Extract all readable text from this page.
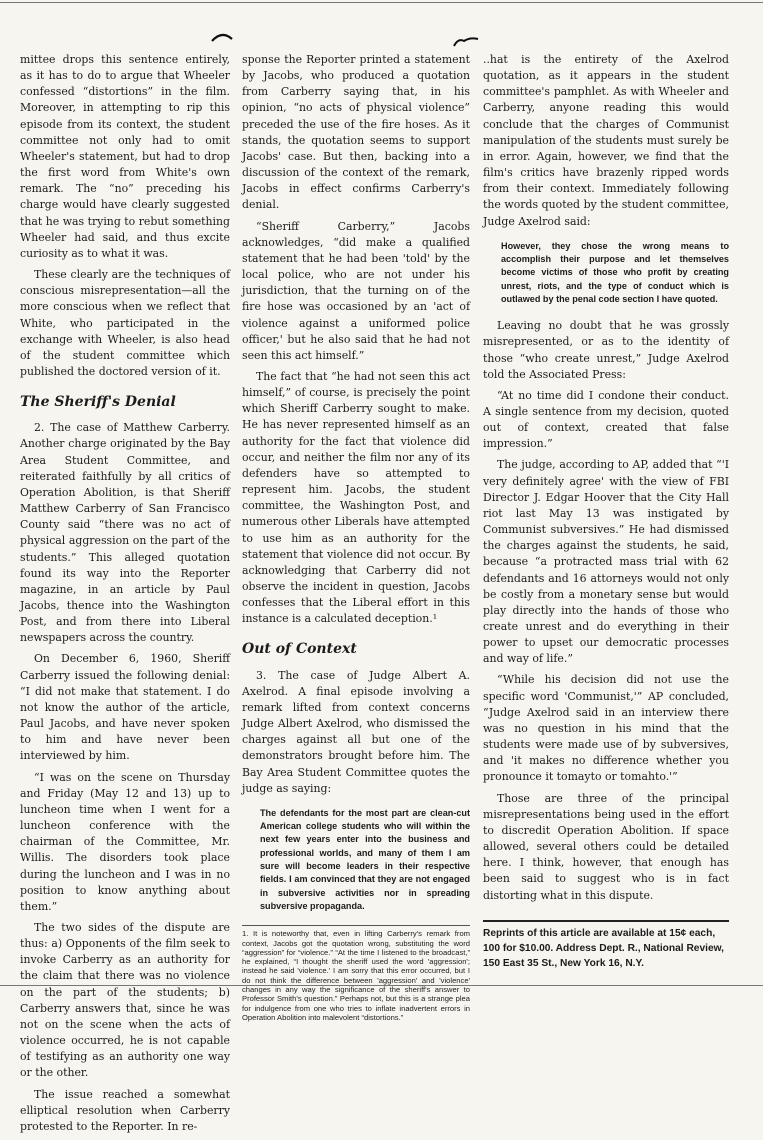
mittee drops this sentence entirely, as it has to do to argue that Wheeler confessed “distortions” in the film. Moreover, in attempting to rip this episode from its context, the student committee not only had to omit Wheeler's statement, but had to drop the first word from White's own remark. The “no” preceding his charge would have clearly suggested that he was trying to rebut something Wheeler had said, and thus excite curiosity as to what it was.

These clearly are the techniques of conscious misrepresentation—all the more conscious when we reflect that White, who participated in the exchange with Wheeler, is also head of the student committee which published the doctored version of it.

The Sheriff's Denial

2. The case of Matthew Carberry. Another charge originated by the Bay Area Student Committee, and reiterated faithfully by all critics of Operation Abolition, is that Sheriff Matthew Carberry of San Francisco County said “there was no act of physical aggression on the part of the students.” This alleged quotation found its way into the Reporter magazine, in an article by Paul Jacobs, thence into the Washington Post, and from there into Liberal newspapers across the country.

On December 6, 1960, Sheriff Carberry issued the following denial: “I did not make that statement. I do not know the author of the article, Paul Jacobs, and have never spoken to him and have never been interviewed by him.

“I was on the scene on Thursday and Friday (May 12 and 13) up to luncheon time when I went for a luncheon conference with the chairman of the Committee, Mr. Willis. The disorders took place during the luncheon and I was in no position to know anything about them.”

The two sides of the dispute are thus: a) Opponents of the film seek to invoke Carberry as an authority for the claim that there was no violence on the part of the students; b) Carberry answers that, since he was not on the scene when the acts of violence occurred, he is not capable of testifying as an authority one way or the other.

The issue reached a somewhat elliptical resolution when Carberry protested to the Reporter. In re-

sponse the Reporter printed a statement by Jacobs, who produced a quotation from Carberry saying that, in his opinion, “no acts of physical violence” preceded the use of the fire hoses. As it stands, the quotation seems to support Jacobs' case. But then, backing into a discussion of the context of the remark, Jacobs in effect confirms Carberry's denial.

“Sheriff Carberry,” Jacobs acknowledges, “did make a qualified statement that he had been 'told' by the local police, who are not under his jurisdiction, that the turning on of the fire hose was occasioned by an 'act of violence against a uniformed police officer,' but he also said that he had not seen this act himself.”

The fact that “he had not seen this act himself,” of course, is precisely the point which Sheriff Carberry sought to make. He has never represented himself as an authority for the fact that violence did occur, and neither the film nor any of its defenders have so attempted to represent him. Jacobs, the student committee, the Washington Post, and numerous other Liberals have attempted to use him as an authority for the statement that violence did not occur. By acknowledging that Carberry did not observe the incident in question, Jacobs confesses that the Liberal effort in this instance is a calculated deception.¹

Out of Context

3. The case of Judge Albert A. Axelrod. A final episode involving a remark lifted from context concerns Judge Albert Axelrod, who dismissed the charges against all but one of the demonstrators brought before him. The Bay Area Student Committee quotes the judge as saying:

The defendants for the most part are clean-cut American college students who will within the next few years enter into the business and professional worlds, and many of them I am sure will become leaders in their respective fields. I am convinced that they are not engaged in subversive activities nor in spreading subversive propaganda.
1. It is noteworthy that, even in lifting Carberry's remark from context, Jacobs got the quotation wrong, substituting the word “aggression” for “violence.” “At the time I listened to the broadcast,” he explained, “I thought the sheriff used the word 'aggression'; instead he said 'violence.' I am sorry that this error occurred, but I do not think the difference between 'aggression' and 'violence' changes in any way the significance of the sheriff's answer to Professor Smith's question.” Perhaps not, but this is a strange plea for indulgence from one who tries to inflate inadvertent errors in Operation Abolition into malevolent “distortions.”

..hat is the entirety of the Axelrod quotation, as it appears in the student committee's pamphlet. As with Wheeler and Carberry, anyone reading this would conclude that the charges of Communist manipulation of the students must surely be in error. Again, however, we find that the film's critics have brazenly ripped words from their context. Immediately following the words quoted by the student committee, Judge Axelrod said:

However, they chose the wrong means to accomplish their purpose and let themselves become victims of those who profit by creating unrest, riots, and the type of conduct which is outlawed by the penal code section I have quoted.

Leaving no doubt that he was grossly misrepresented, or as to the identity of those “who create unrest,” Judge Axelrod told the Associated Press:

“At no time did I condone their conduct. A single sentence from my decision, quoted out of context, created that false impression.”

The judge, according to AP, added that “'I very definitely agree' with the view of FBI Director J. Edgar Hoover that the City Hall riot last May 13 was instigated by Communist subversives.” He had dismissed the charges against the students, he said, because “a protracted mass trial with 62 defendants and 16 attorneys would not only be costly from a monetary sense but would play directly into the hands of those who create unrest and do everything in their power to upset our democratic processes and way of life.”

“While his decision did not use the specific word 'Communist,'” AP concluded, “Judge Axelrod said in an interview there was no question in his mind that the students were made use of by subversives, and 'it makes no difference whether you pronounce it tomayto or tomahto.'”

Those are three of the principal misrepresentations being used in the effort to discredit Operation Abolition. If space allowed, several others could be detailed here. I think, however, that enough has been said to suggest who is in fact distorting what in this dispute.

Reprints of this article are available at 15¢ each, 100 for $10.00. Address Dept. R., National Review, 150 East 35 St., New York 16, N.Y.
